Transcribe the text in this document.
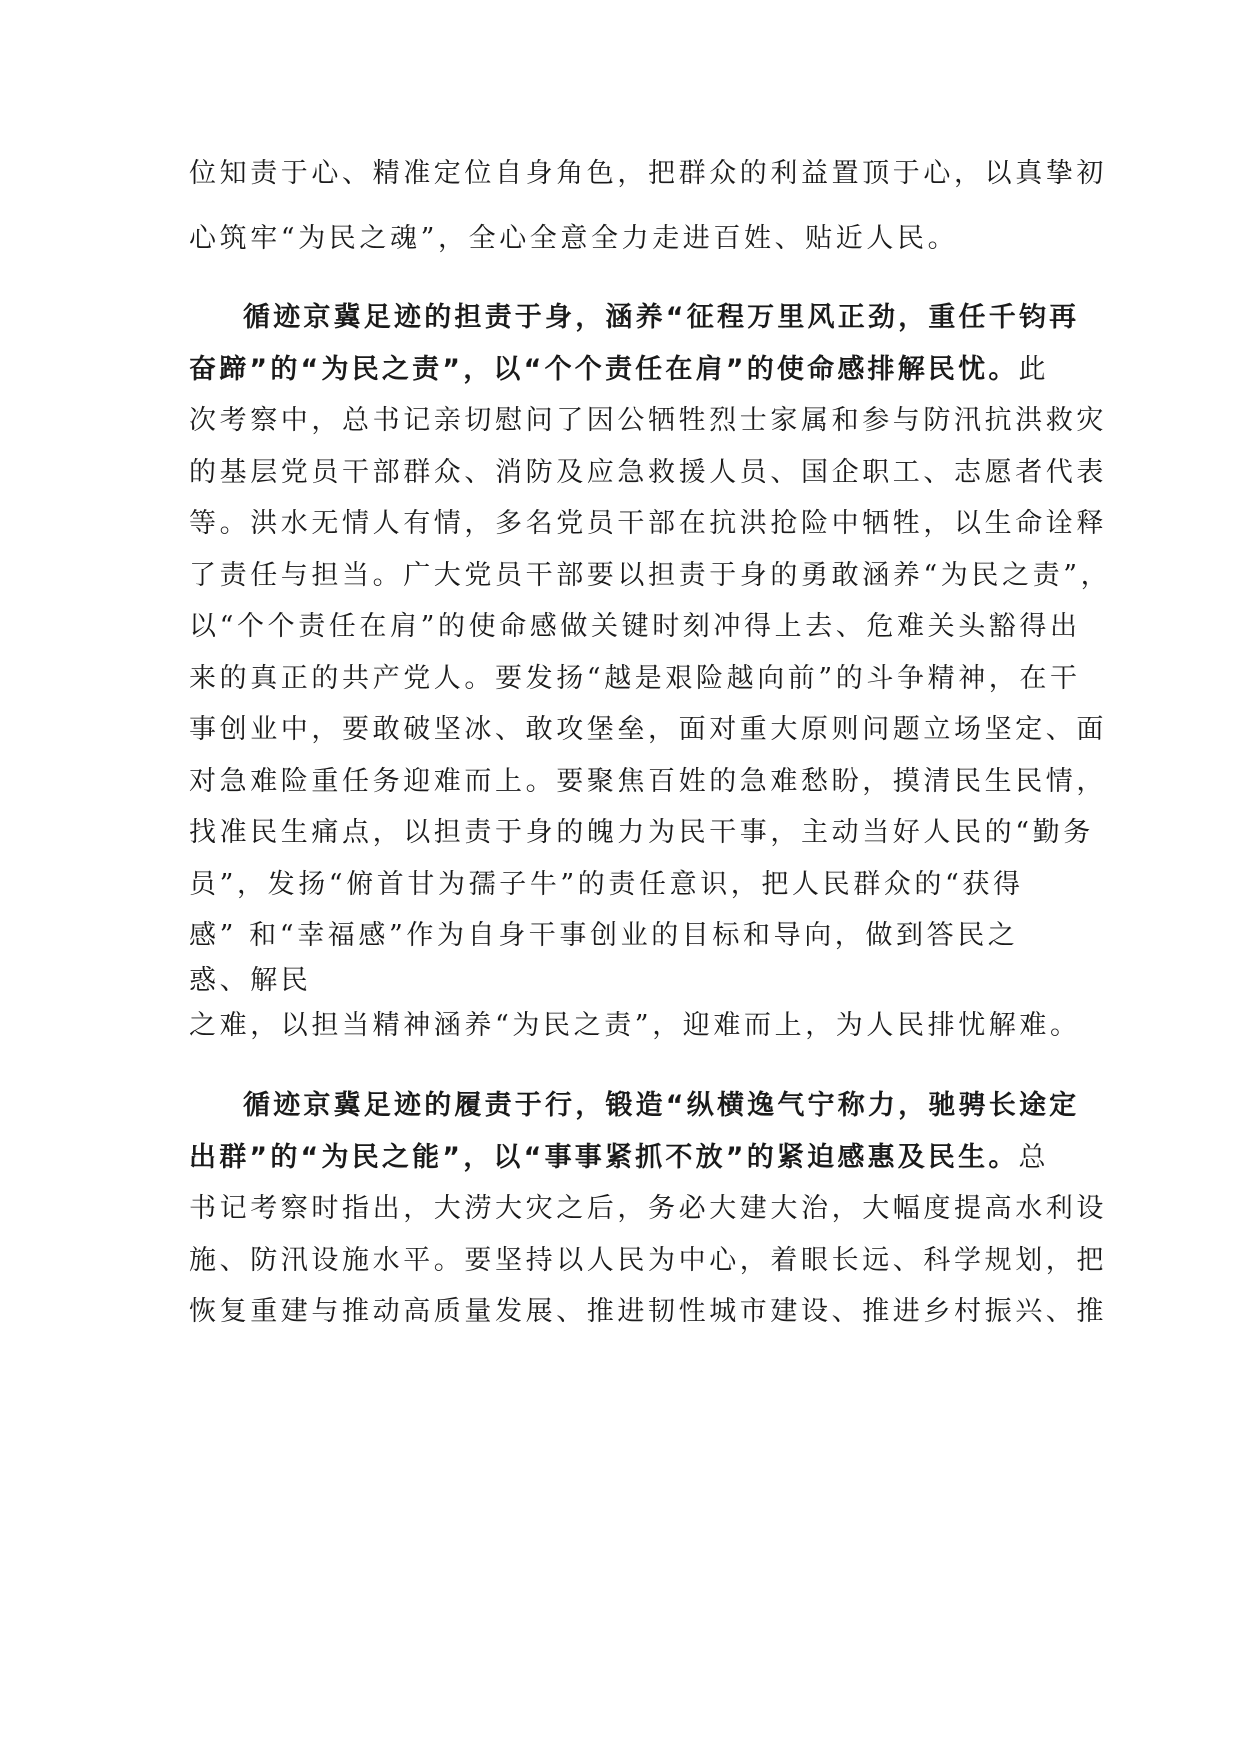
位知责于心、精准定位自身角色，把群众的利益置顶于心，以真挚初
心筑牢“为民之魂”，全心全意全力走进百姓、贴近人民。
循迹京冀足迹的担责于身，涵养“征程万里风正劲，重任千钧再
奋蹄”的“为民之责”，以“个个责任在肩”的使命感排解民忧。此
次考察中，总书记亲切慰问了因公牺牲烈士家属和参与防汛抗洪救灾
的基层党员干部群众、消防及应急救援人员、国企职工、志愿者代表
等。洪水无情人有情，多名党员干部在抗洪抢险中牺牲，以生命诠释
了责任与担当。广大党员干部要以担责于身的勇敢涵养“为民之责”，
以“个个责任在肩”的使命感做关键时刻冲得上去、危难关头豁得出
来的真正的共产党人。要发扬“越是艰险越向前”的斗争精神，在干
事创业中，要敢破坚冰、敢攻堡垒，面对重大原则问题立场坚定、面
对急难险重任务迎难而上。要聚焦百姓的急难愁盼，摸清民生民情，
找准民生痛点，以担责于身的魄力为民干事，主动当好人民的“勤务
员”，发扬“俯首甘为孺子牛”的责任意识，把人民群众的“获得
感” 和“幸福感”作为自身干事创业的目标和导向，做到答民之
惑、解民
之难，以担当精神涵养“为民之责”，迎难而上，为人民排忧解难。
循迹京冀足迹的履责于行，锻造“纵横逸气宁称力，驰骋长途定
出群”的“为民之能”，以“事事紧抓不放”的紧迫感惠及民生。总
书记考察时指出，大涝大灾之后，务必大建大治，大幅度提高水利设
施、防汛设施水平。要坚持以人民为中心，着眼长远、科学规划，把
恢复重建与推动高质量发展、推进韧性城市建设、推进乡村振兴、推
